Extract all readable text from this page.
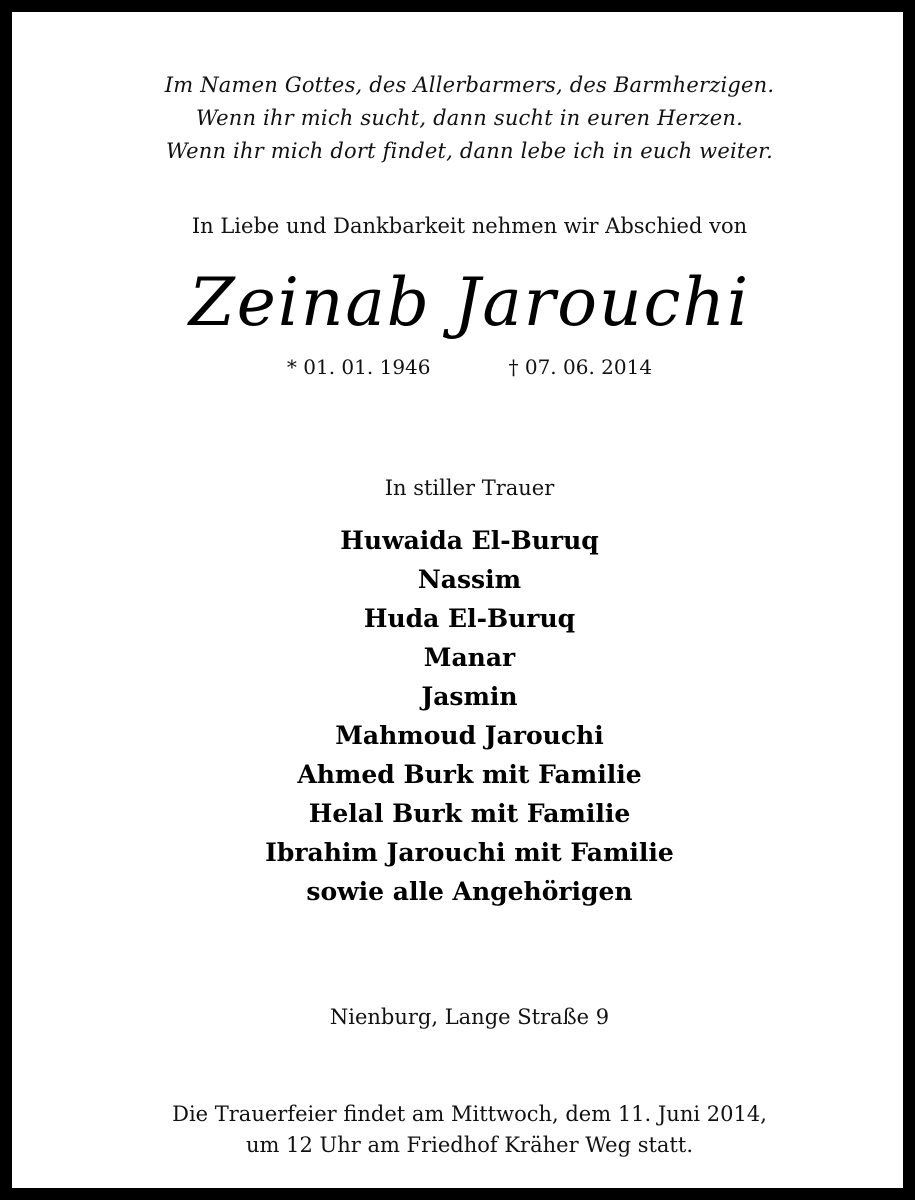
Im Namen Gottes, des Allerbarmers, des Barmherzigen.
Wenn ihr mich sucht, dann sucht in euren Herzen.
Wenn ihr mich dort findet, dann lebe ich in euch weiter.
In Liebe und Dankbarkeit nehmen wir Abschied von
Zeinab Jarouchi
* 01. 01. 1946	† 07. 06. 2014
In stiller Trauer
Huwaida El-Buruq
Nassim
Huda El-Buruq
Manar
Jasmin
Mahmoud Jarouchi
Ahmed Burk mit Familie
Helal Burk mit Familie
Ibrahim Jarouchi mit Familie
sowie alle Angehörigen
Nienburg, Lange Straße 9
Die Trauerfeier findet am Mittwoch, dem 11. Juni 2014,
um 12 Uhr am Friedhof Kräher Weg statt.
